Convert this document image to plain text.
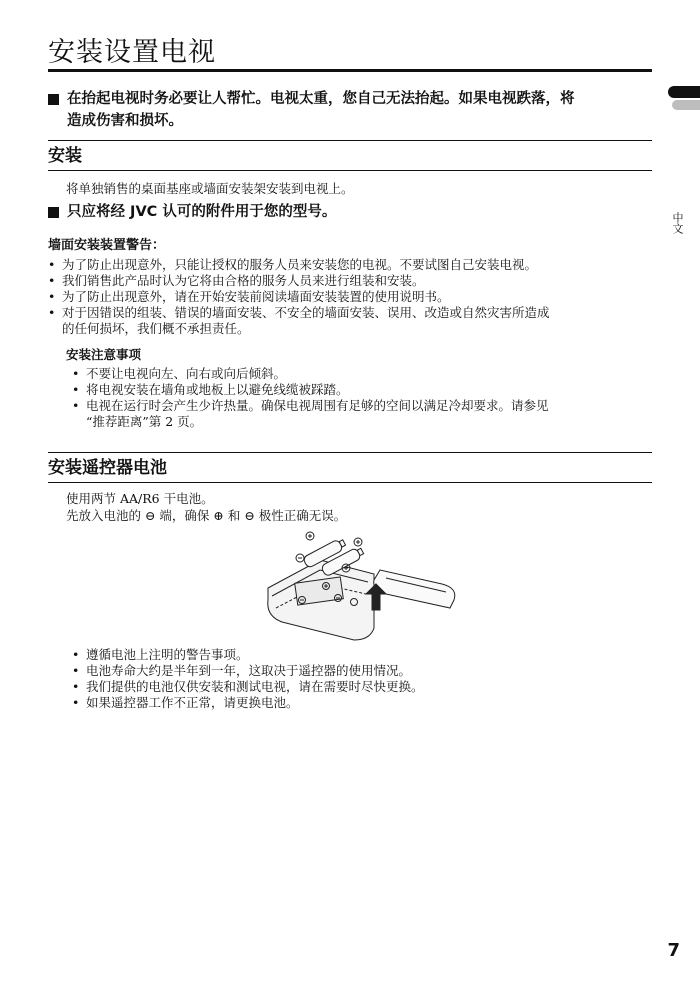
安装设置电视
中文
在抬起电视时务必要让人帮忙。电视太重，您自己无法抬起。如果电视跌落，将
造成伤害和损坏。
安装
将单独销售的桌面基座或墙面安装架安装到电视上。
只应将经 JVC 认可的附件用于您的型号。
墙面安装装置警告：
• 为了防止出现意外，只能让授权的服务人员来安装您的电视。不要试图自己安装电视。
• 我们销售此产品时认为它将由合格的服务人员来进行组装和安装。
• 为了防止出现意外，请在开始安装前阅读墙面安装装置的使用说明书。
• 对于因错误的组装、错误的墙面安装、不安全的墙面安装、误用、改造或自然灾害所造成
的任何损坏，我们概不承担责任。
安装注意事项
• 不要让电视向左、向右或向后倾斜。
• 将电视安装在墙角或地板上以避免线缆被踩踏。
• 电视在运行时会产生少许热量。确保电视周围有足够的空间以满足冷却要求。请参见
“推荐距离”第 2 页。
安装遥控器电池
使用两节 AA/R6 干电池。
先放入电池的 ⊖ 端，确保 ⊕ 和 ⊖ 极性正确无误。
• 遵循电池上注明的警告事项。
• 电池寿命大约是半年到一年，这取决于遥控器的使用情况。
• 我们提供的电池仅供安装和测试电视，请在需要时尽快更换。
• 如果遥控器工作不正常，请更换电池。
7
